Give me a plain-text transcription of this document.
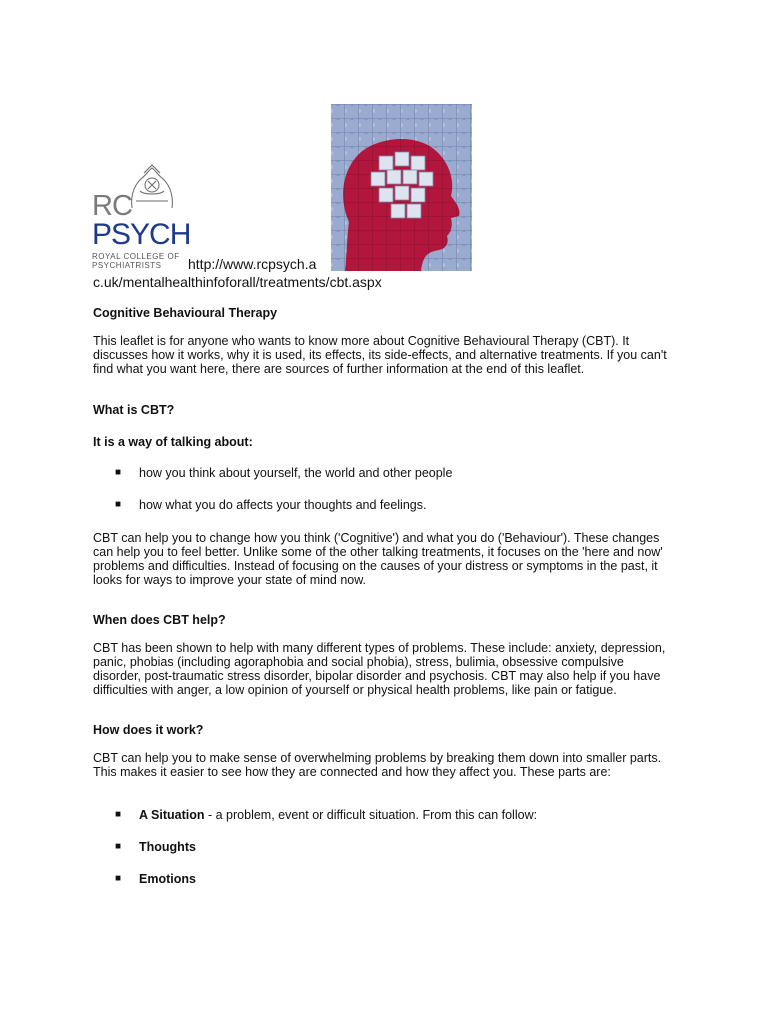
RC
PSYCH
ROYAL COLLEGE OF
PSYCHIATRISTS	http://www.rcpsych.a
c.uk/mentalhealthinfoforall/treatments/cbt.aspx

Cognitive Behavioural Therapy

This leaflet is for anyone who wants to know more about Cognitive Behavioural Therapy (CBT). It discusses how it works, why it is used, its effects, its side-effects, and alternative treatments. If you can't find what you want here, there are sources of further information at the end of this leaflet.

What is CBT?

It is a way of talking about:

■ how you think about yourself, the world and other people
■ how what you do affects your thoughts and feelings.

CBT can help you to change how you think ('Cognitive') and what you do ('Behaviour'). These changes can help you to feel better. Unlike some of the other talking treatments, it focuses on the 'here and now' problems and difficulties. Instead of focusing on the causes of your distress or symptoms in the past, it looks for ways to improve your state of mind now.

When does CBT help?

CBT has been shown to help with many different types of problems. These include: anxiety, depression, panic, phobias (including agoraphobia and social phobia), stress, bulimia, obsessive compulsive disorder, post-traumatic stress disorder, bipolar disorder and psychosis. CBT may also help if you have difficulties with anger, a low opinion of yourself or physical health problems, like pain or fatigue.

How does it work?

CBT can help you to make sense of overwhelming problems by breaking them down into smaller parts. This makes it easier to see how they are connected and how they affect you. These parts are:

■ A Situation - a problem, event or difficult situation. From this can follow:
■ Thoughts
■ Emotions
